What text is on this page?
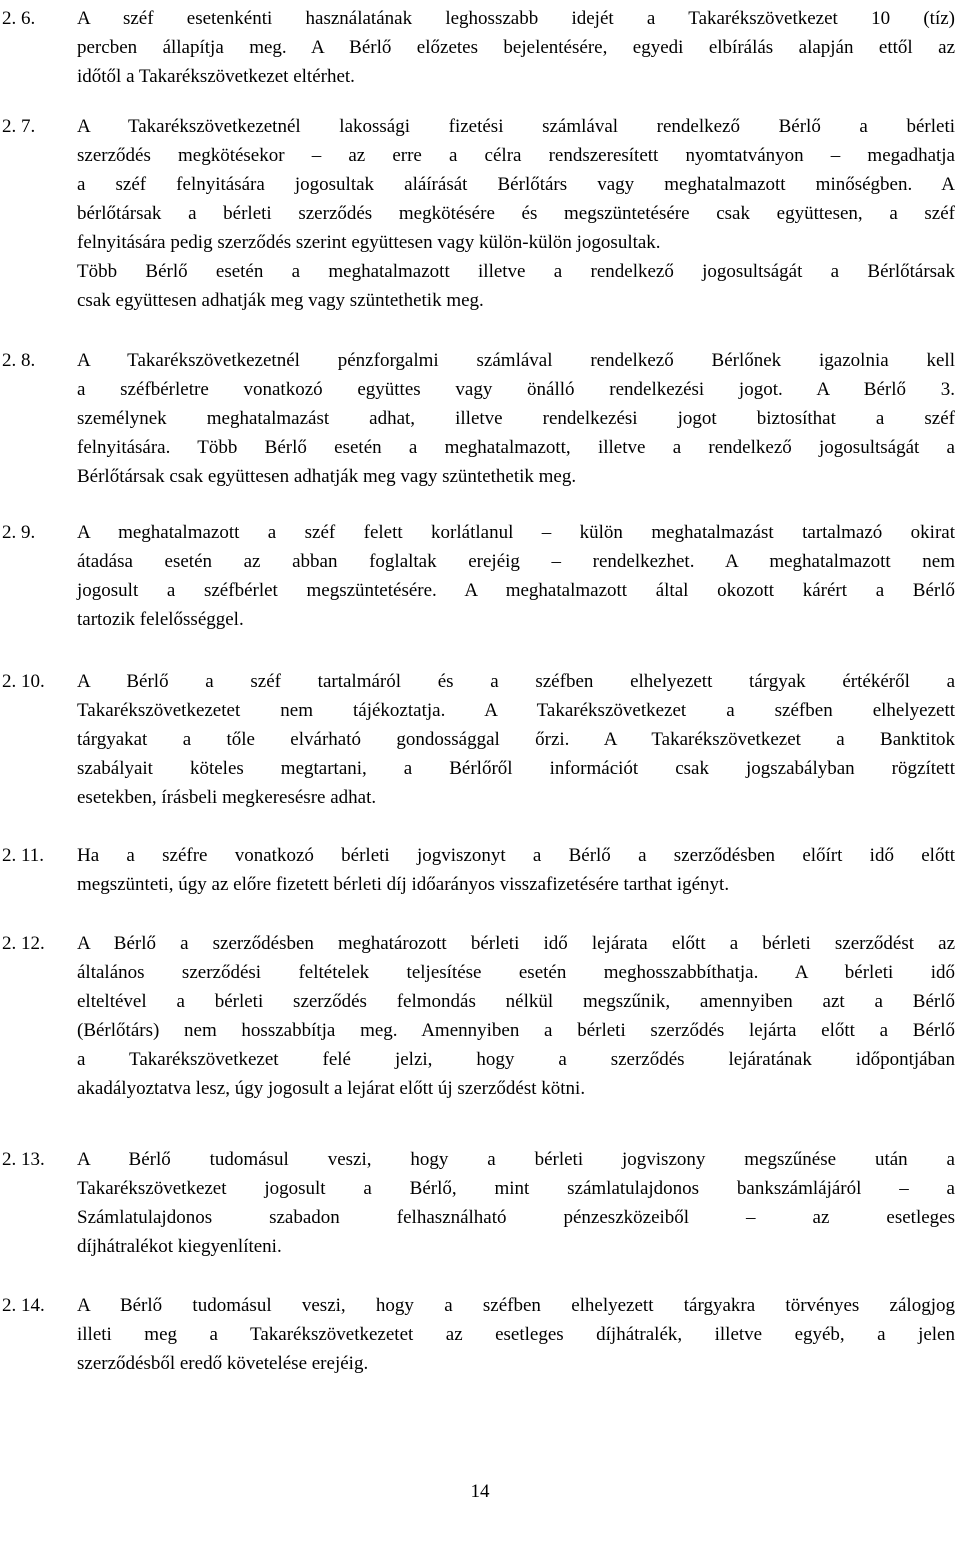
2. 6. A széf esetenkénti használatának leghosszabb idejét a Takarékszövetkezet 10 (tíz)
percben állapítja meg. A Bérlő előzetes bejelentésére, egyedi elbírálás alapján ettől az
időtől a Takarékszövetkezet eltérhet.

2. 7. A Takarékszövetkezetnél lakossági fizetési számlával rendelkező Bérlő a bérleti
szerződés megkötésekor – az erre a célra rendszeresített nyomtatványon – megadhatja
a széf felnyitására jogosultak aláírását Bérlőtárs vagy meghatalmazott minőségben. A
bérlőtársak a bérleti szerződés megkötésére és megszüntetésére csak együttesen, a széf
felnyitására pedig szerződés szerint együttesen vagy külön-külön jogosultak.
Több Bérlő esetén a meghatalmazott illetve a rendelkező jogosultságát a Bérlőtársak
csak együttesen adhatják meg vagy szüntethetik meg.

2. 8. A Takarékszövetkezetnél pénzforgalmi számlával rendelkező Bérlőnek igazolnia kell
a széfbérletre vonatkozó együttes vagy önálló rendelkezési jogot. A Bérlő 3.
személynek meghatalmazást adhat, illetve rendelkezési jogot biztosíthat a széf
felnyitására. Több Bérlő esetén a meghatalmazott, illetve a rendelkező jogosultságát a
Bérlőtársak csak együttesen adhatják meg vagy szüntethetik meg.

2. 9. A meghatalmazott a széf felett korlátlanul – külön meghatalmazást tartalmazó okirat
átadása esetén az abban foglaltak erejéig – rendelkezhet. A meghatalmazott nem
jogosult a széfbérlet megszüntetésére. A meghatalmazott által okozott kárért a Bérlő
tartozik felelősséggel.

2. 10. A Bérlő a széf tartalmáról és a széfben elhelyezett tárgyak értékéről a
Takarékszövetkezetet nem tájékoztatja. A Takarékszövetkezet a széfben elhelyezett
tárgyakat a tőle elvárható gondossággal őrzi. A Takarékszövetkezet a Banktitok
szabályait köteles megtartani, a Bérlőről információt csak jogszabályban rögzített
esetekben, írásbeli megkeresésre adhat.

2. 11. Ha a széfre vonatkozó bérleti jogviszonyt a Bérlő a szerződésben előírt idő előtt
megszünteti, úgy az előre fizetett bérleti díj időarányos visszafizetésére tarthat igényt.

2. 12. A Bérlő a szerződésben meghatározott bérleti idő lejárata előtt a bérleti szerződést az
általános szerződési feltételek teljesítése esetén meghosszabbíthatja. A bérleti idő
elteltével a bérleti szerződés felmondás nélkül megszűnik, amennyiben azt a Bérlő
(Bérlőtárs) nem hosszabbítja meg. Amennyiben a bérleti szerződés lejárta előtt a Bérlő
a Takarékszövetkezet felé jelzi, hogy a szerződés lejáratának időpontjában
akadályoztatva lesz, úgy jogosult a lejárat előtt új szerződést kötni.

2. 13. A Bérlő tudomásul veszi, hogy a bérleti jogviszony megszűnése után a
Takarékszövetkezet jogosult a Bérlő, mint számlatulajdonos bankszámlájáról – a
Számlatulajdonos szabadon felhasználható pénzeszközeiből – az esetleges
díjhátralékot kiegyenlíteni.

2. 14. A Bérlő tudomásul veszi, hogy a széfben elhelyezett tárgyakra törvényes zálogjog
illeti meg a Takarékszövetkezetet az esetleges díjhátralék, illetve egyéb, a jelen
szerződésből eredő követelése erejéig.

14
